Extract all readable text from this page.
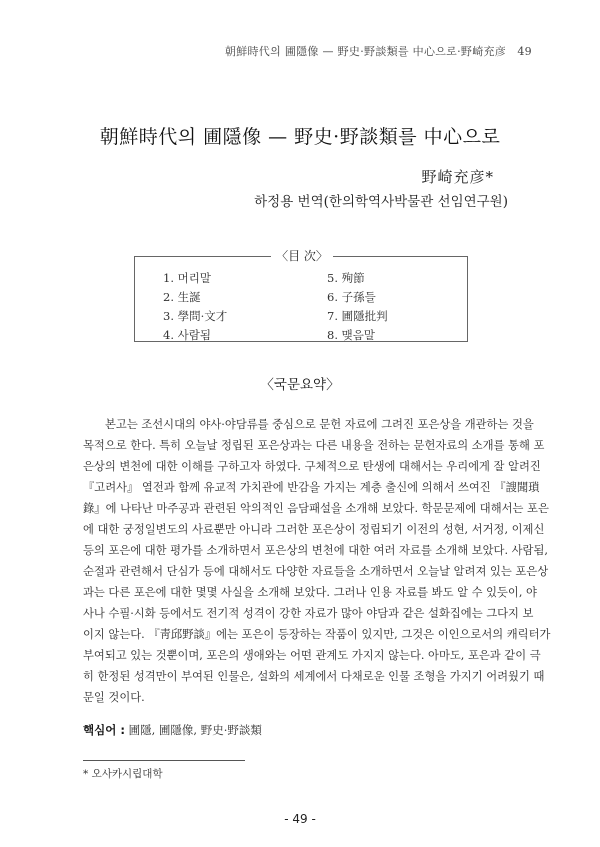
朝鮮時代의 圃隱像 — 野史·野談類를 中心으로·野崎充彦　49
朝鮮時代의 圃隱像 — 野史·野談類를 中心으로
野崎充彦*
하정용 번역(한의학역사박물관 선임연구원)
〈目 次〉
1. 머리말
2. 生誕
3. 學問·文才
4. 사람됨
5. 殉節
6. 子孫들
7. 圃隱批判
8. 맺음말
〈국문요약〉
본고는 조선시대의 야사·야담류를 중심으로 문헌 자료에 그려진 포은상을 개관하는 것을
목적으로 한다. 특히 오늘날 정립된 포은상과는 다른 내용을 전하는 문헌자료의 소개를 통해 포
은상의 변천에 대한 이해를 구하고자 하였다. 구체적으로 탄생에 대해서는 우리에게 잘 알려진
『고려사』 열전과 함께 유교적 가치관에 반감을 가지는 계층 출신에 의해서 쓰여진 『謏聞瑣
錄』에 나타난 마주공과 관련된 악의적인 음담패설을 소개해 보았다. 학문문제에 대해서는 포은
에 대한 궁정일변도의 사료뿐만 아니라 그러한 포은상이 정립되기 이전의 성현, 서거정, 이제신
등의 포은에 대한 평가를 소개하면서 포은상의 변천에 대한 여러 자료를 소개해 보았다. 사람됨,
순절과 관련해서 단심가 등에 대해서도 다양한 자료들을 소개하면서 오늘날 알려져 있는 포은상
과는 다른 포은에 대한 몇몇 사실을 소개해 보았다. 그러나 인용 자료를 봐도 알 수 있듯이, 야
사나 수필·시화 등에서도 전기적 성격이 강한 자료가 많아 야담과 같은 설화집에는 그다지 보
이지 않는다. 『靑邱野談』에는 포은이 등장하는 작품이 있지만, 그것은 이인으로서의 캐릭터가
부여되고 있는 것뿐이며, 포은의 생애와는 어떤 관계도 가지지 않는다. 아마도, 포은과 같이 극
히 한정된 성격만이 부여된 인물은, 설화의 세계에서 다채로운 인물 조형을 가지기 어려웠기 때
문일 것이다.
핵심어 : 圃隱, 圃隱像, 野史·野談類
* 오사카시립대학
- 49 -
